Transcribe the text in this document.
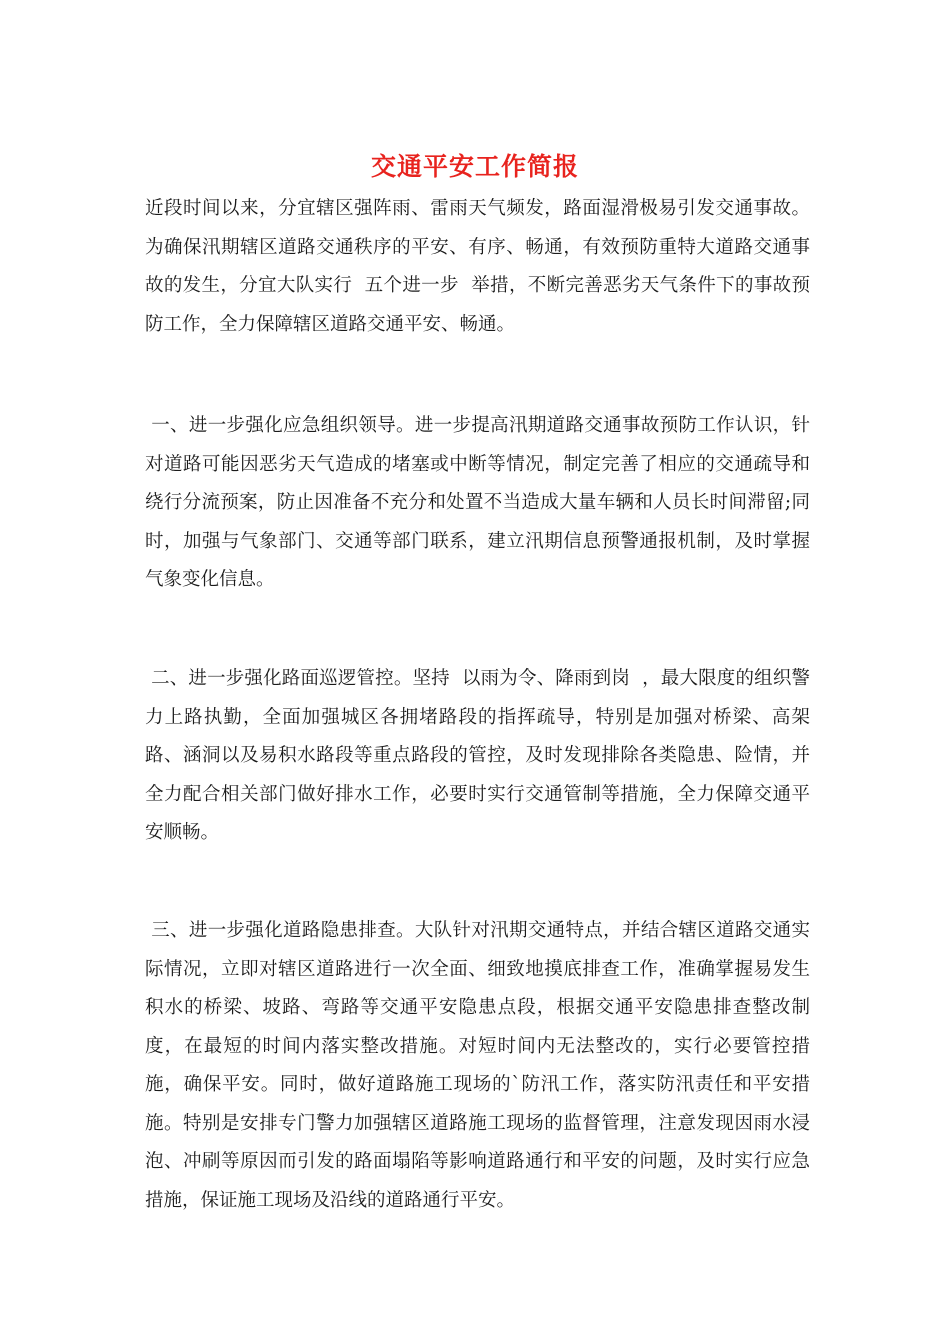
交通平安工作简报
近段时间以来，分宜辖区强阵雨、雷雨天气频发，路面湿滑极易引发交通事故。为确保汛期辖区道路交通秩序的平安、有序、畅通，有效预防重特大道路交通事故的发生，分宜大队实行  五个进一步  举措，不断完善恶劣天气条件下的事故预防工作，全力保障辖区道路交通平安、畅通。
一、进一步强化应急组织领导。进一步提高汛期道路交通事故预防工作认识，针对道路可能因恶劣天气造成的堵塞或中断等情况，制定完善了相应的交通疏导和绕行分流预案，防止因准备不充分和处置不当造成大量车辆和人员长时间滞留;同时，加强与气象部门、交通等部门联系，建立汛期信息预警通报机制，及时掌握气象变化信息。
二、进一步强化路面巡逻管控。坚持  以雨为令、降雨到岗  ，最大限度的组织警力上路执勤，全面加强城区各拥堵路段的指挥疏导，特别是加强对桥梁、高架路、涵洞以及易积水路段等重点路段的管控，及时发现排除各类隐患、险情，并全力配合相关部门做好排水工作，必要时实行交通管制等措施，全力保障交通平安顺畅。
三、进一步强化道路隐患排查。大队针对汛期交通特点，并结合辖区道路交通实际情况，立即对辖区道路进行一次全面、细致地摸底排查工作，准确掌握易发生积水的桥梁、坡路、弯路等交通平安隐患点段，根据交通平安隐患排查整改制度，在最短的时间内落实整改措施。对短时间内无法整改的，实行必要管控措施，确保平安。同时，做好道路施工现场的`防汛工作，落实防汛责任和平安措施。特别是安排专门警力加强辖区道路施工现场的监督管理，注意发现因雨水浸泡、冲刷等原因而引发的路面塌陷等影响道路通行和平安的问题，及时实行应急措施，保证施工现场及沿线的道路通行平安。
